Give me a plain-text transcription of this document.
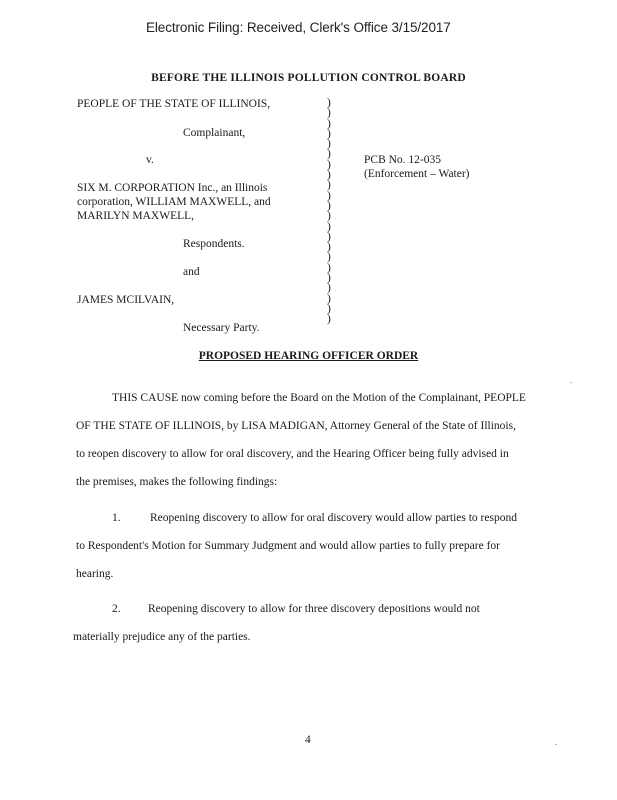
Electronic Filing: Received, Clerk's Office 3/15/2017
BEFORE THE ILLINOIS POLLUTION CONTROL BOARD
PEOPLE OF THE STATE OF ILLINOIS,
Complainant,
v.
SIX M. CORPORATION Inc., an Illinois
corporation, WILLIAM MAXWELL, and
MARILYN MAXWELL,
Respondents.
and
JAMES MCILVAIN,
Necessary Party.
)
)
)
)
)
)
)
)
)
)
)
)
)
)
)
)
)
)
)
)
)
)
PCB No. 12-035
(Enforcement – Water)
PROPOSED HEARING OFFICER ORDER
.
THIS CAUSE now coming before the Board on the Motion of the Complainant, PEOPLE
OF THE STATE OF ILLINOIS, by LISA MADIGAN, Attorney General of the State of Illinois,
to reopen discovery to allow for oral discovery, and the Hearing Officer being fully advised in
the premises, makes the following findings:
1.	Reopening discovery to allow for oral discovery would allow parties to respond
to Respondent's Motion for Summary Judgment and would allow parties to fully prepare for
hearing.
2. Reopening discovery to allow for three discovery depositions would not
materially prejudice any of the parties.
4	.
